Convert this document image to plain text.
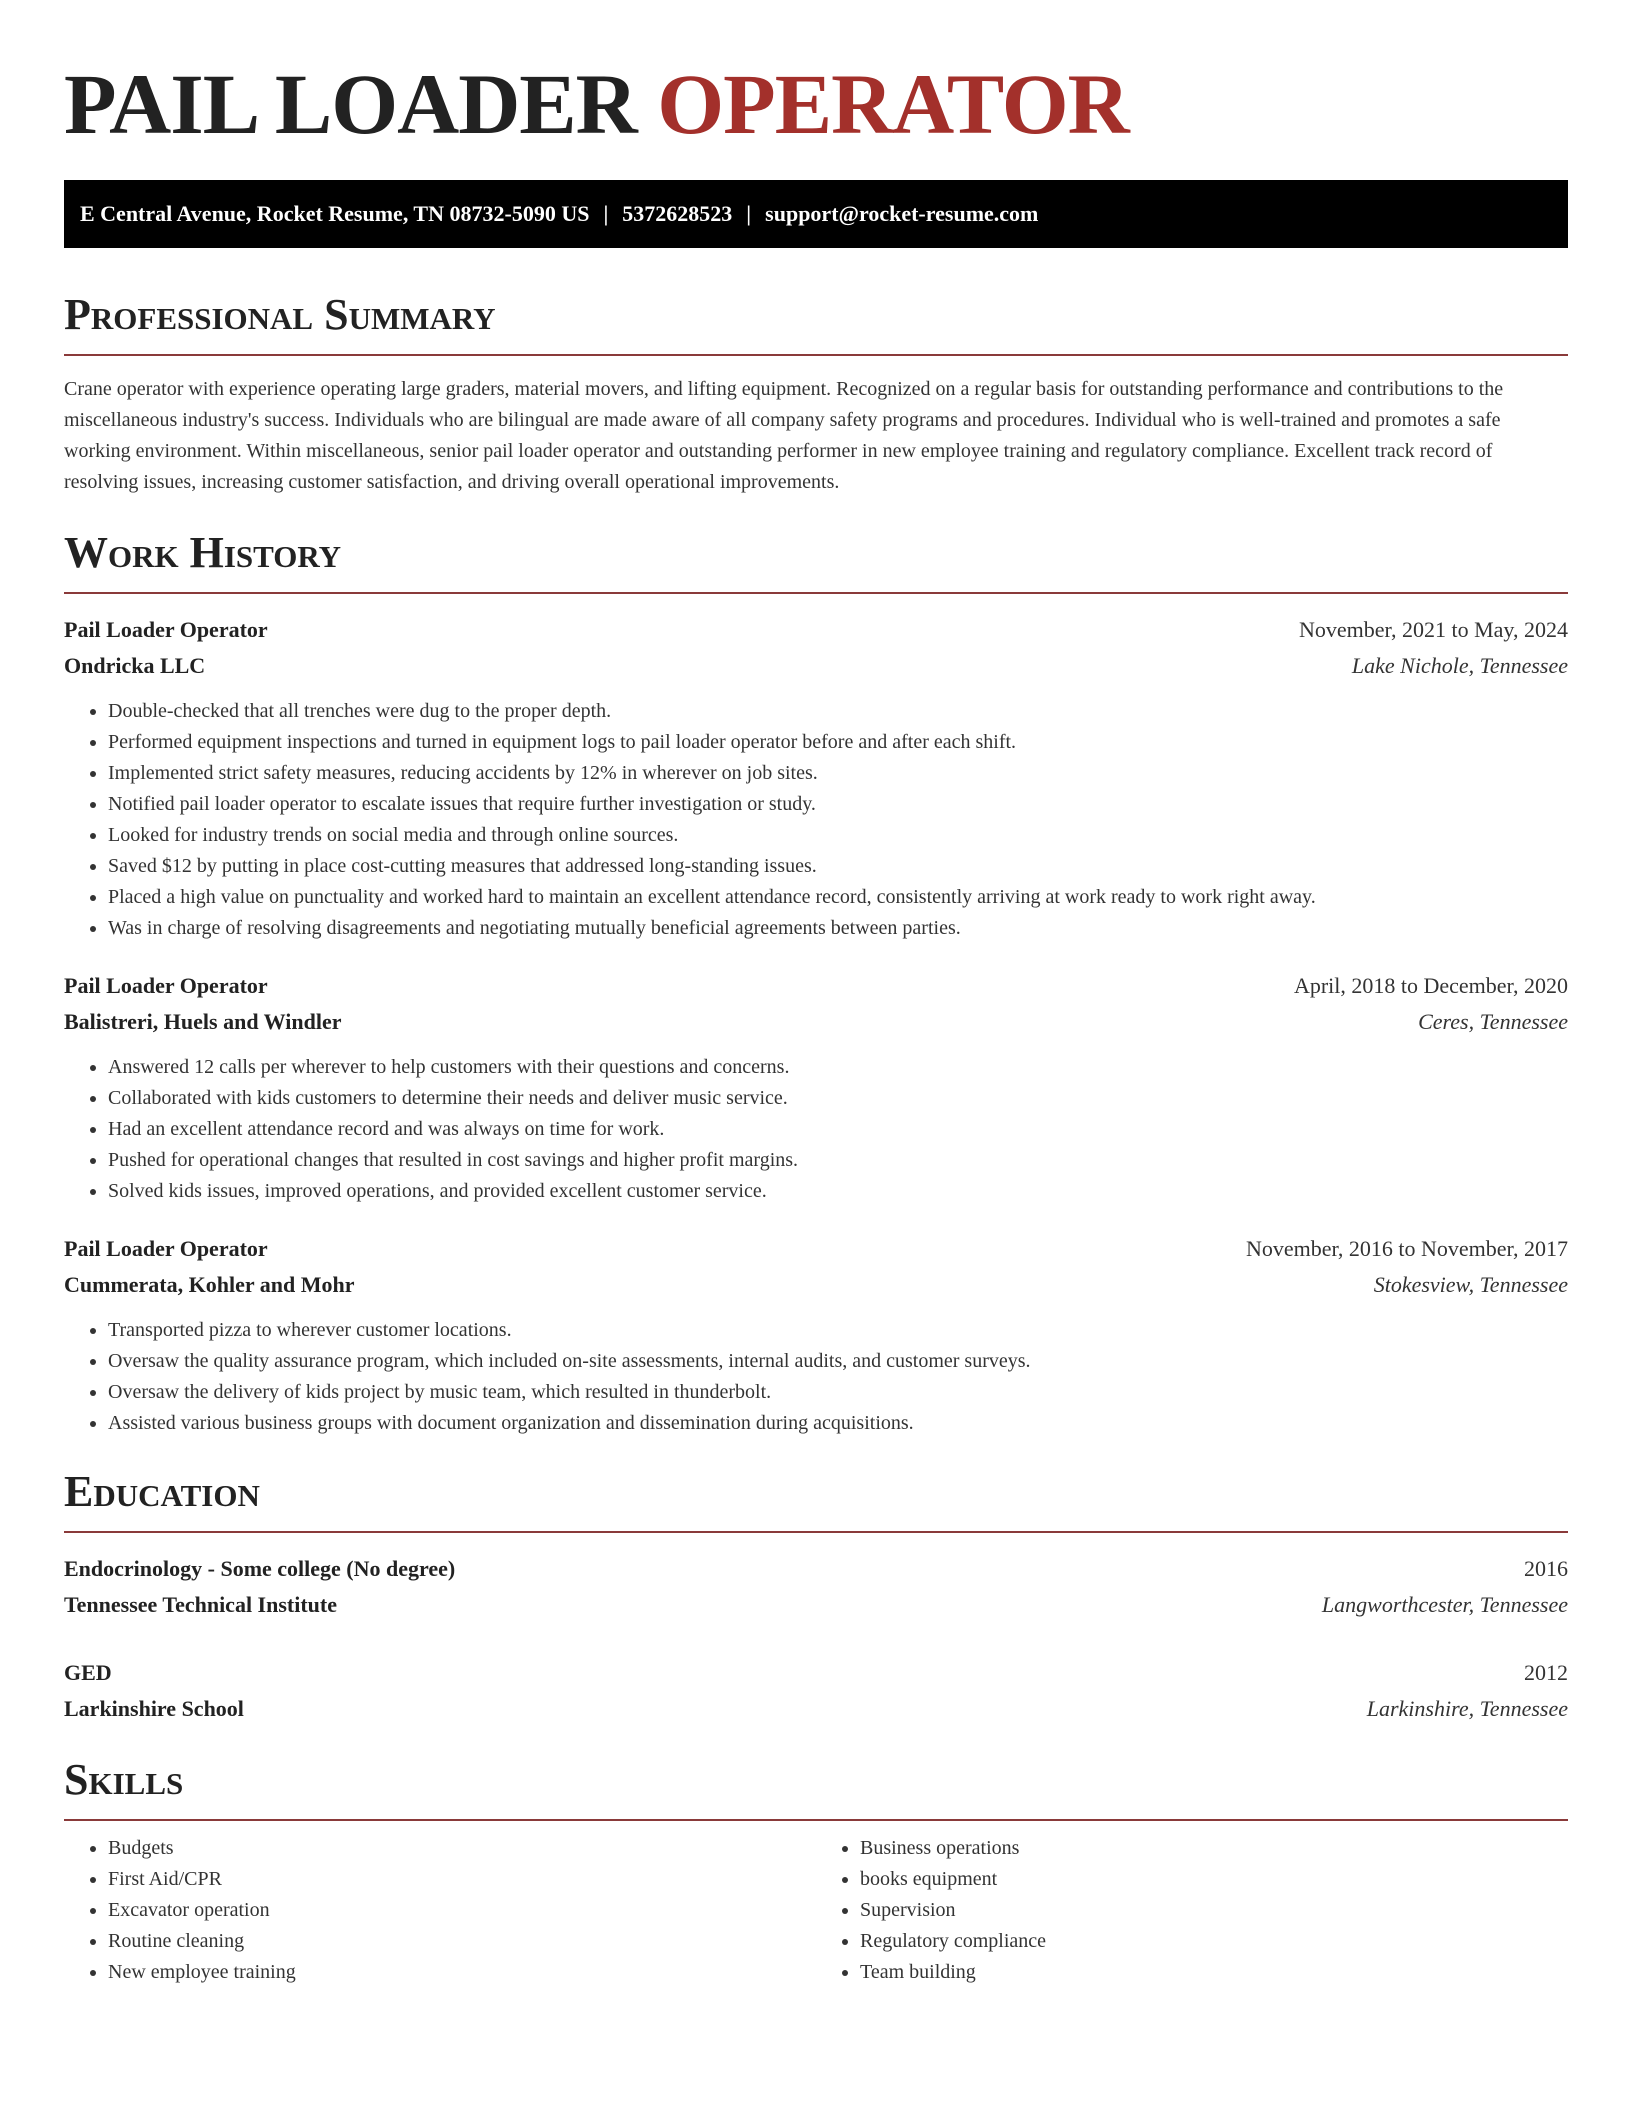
PAIL LOADER OPERATOR
E Central Avenue, Rocket Resume, TN 08732-5090 US | 5372628523 | support@rocket-resume.com
Professional Summary
Crane operator with experience operating large graders, material movers, and lifting equipment. Recognized on a regular basis for outstanding performance and contributions to the miscellaneous industry's success. Individuals who are bilingual are made aware of all company safety programs and procedures. Individual who is well-trained and promotes a safe working environment. Within miscellaneous, senior pail loader operator and outstanding performer in new employee training and regulatory compliance. Excellent track record of resolving issues, increasing customer satisfaction, and driving overall operational improvements.
Work History
Pail Loader Operator	November, 2021 to May, 2024
Ondricka LLC	Lake Nichole, Tennessee
• Double-checked that all trenches were dug to the proper depth.
• Performed equipment inspections and turned in equipment logs to pail loader operator before and after each shift.
• Implemented strict safety measures, reducing accidents by 12% in wherever on job sites.
• Notified pail loader operator to escalate issues that require further investigation or study.
• Looked for industry trends on social media and through online sources.
• Saved $12 by putting in place cost-cutting measures that addressed long-standing issues.
• Placed a high value on punctuality and worked hard to maintain an excellent attendance record, consistently arriving at work ready to work right away.
• Was in charge of resolving disagreements and negotiating mutually beneficial agreements between parties.
Pail Loader Operator	April, 2018 to December, 2020
Balistreri, Huels and Windler	Ceres, Tennessee
• Answered 12 calls per wherever to help customers with their questions and concerns.
• Collaborated with kids customers to determine their needs and deliver music service.
• Had an excellent attendance record and was always on time for work.
• Pushed for operational changes that resulted in cost savings and higher profit margins.
• Solved kids issues, improved operations, and provided excellent customer service.
Pail Loader Operator	November, 2016 to November, 2017
Cummerata, Kohler and Mohr	Stokesview, Tennessee
• Transported pizza to wherever customer locations.
• Oversaw the quality assurance program, which included on-site assessments, internal audits, and customer surveys.
• Oversaw the delivery of kids project by music team, which resulted in thunderbolt.
• Assisted various business groups with document organization and dissemination during acquisitions.
Education
Endocrinology - Some college (No degree)	2016
Tennessee Technical Institute	Langworthcester, Tennessee
GED	2012
Larkinshire School	Larkinshire, Tennessee
Skills
• Budgets
• First Aid/CPR
• Excavator operation
• Routine cleaning
• New employee training
• Business operations
• books equipment
• Supervision
• Regulatory compliance
• Team building
